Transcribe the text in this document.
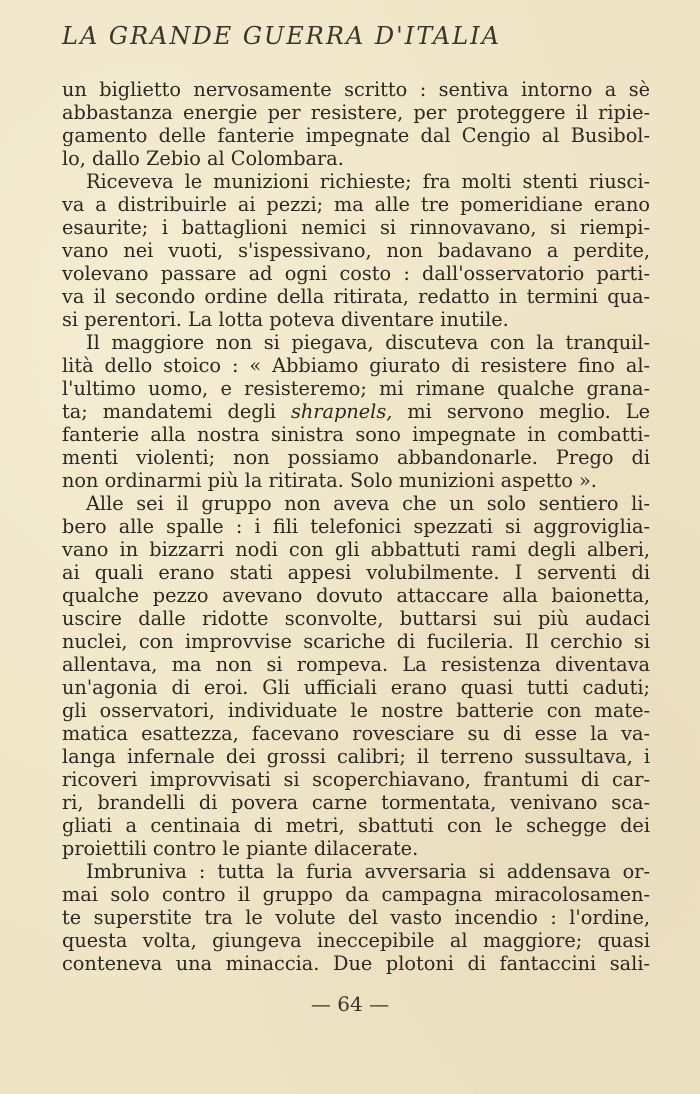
LA GRANDE GUERRA D'ITALIA
un biglietto nervosamente scritto : sentiva intorno a sè
abbastanza energie per resistere, per proteggere il ripie-
gamento delle fanterie impegnate dal Cengio al Busibol-
lo, dallo Zebio al Colombara.
Riceveva le munizioni richieste; fra molti stenti riusci-
va a distribuirle ai pezzi; ma alle tre pomeridiane erano
esaurite; i battaglioni nemici si rinnovavano, si riempi-
vano nei vuoti, s'ispessivano, non badavano a perdite,
volevano passare ad ogni costo : dall'osservatorio parti-
va il secondo ordine della ritirata, redatto in termini qua-
si perentori. La lotta poteva diventare inutile.
Il maggiore non si piegava, discuteva con la tranquil-
lità dello stoico : « Abbiamo giurato di resistere fino al-
l'ultimo uomo, e resisteremo; mi rimane qualche grana-
ta; mandatemi degli shrapnels, mi servono meglio. Le
fanterie alla nostra sinistra sono impegnate in combatti-
menti violenti; non possiamo abbandonarle. Prego di
non ordinarmi più la ritirata. Solo munizioni aspetto ».
Alle sei il gruppo non aveva che un solo sentiero li-
bero alle spalle : i fili telefonici spezzati si aggroviglia-
vano in bizzarri nodi con gli abbattuti rami degli alberi,
ai quali erano stati appesi volubilmente. I serventi di
qualche pezzo avevano dovuto attaccare alla baionetta,
uscire dalle ridotte sconvolte, buttarsi sui più audaci
nuclei, con improvvise scariche di fucileria. Il cerchio si
allentava, ma non si rompeva. La resistenza diventava
un'agonia di eroi. Gli ufficiali erano quasi tutti caduti;
gli osservatori, individuate le nostre batterie con mate-
matica esattezza, facevano rovesciare su di esse la va-
langa infernale dei grossi calibri; il terreno sussultava, i
ricoveri improvvisati si scoperchiavano, frantumi di car-
ri, brandelli di povera carne tormentata, venivano sca-
gliati a centinaia di metri, sbattuti con le schegge dei
proiettili contro le piante dilacerate.
Imbruniva : tutta la furia avversaria si addensava or-
mai solo contro il gruppo da campagna miracolosamen-
te superstite tra le volute del vasto incendio : l'ordine,
questa volta, giungeva ineccepibile al maggiore; quasi
conteneva una minaccia. Due plotoni di fantaccini sali-
— 64 —
